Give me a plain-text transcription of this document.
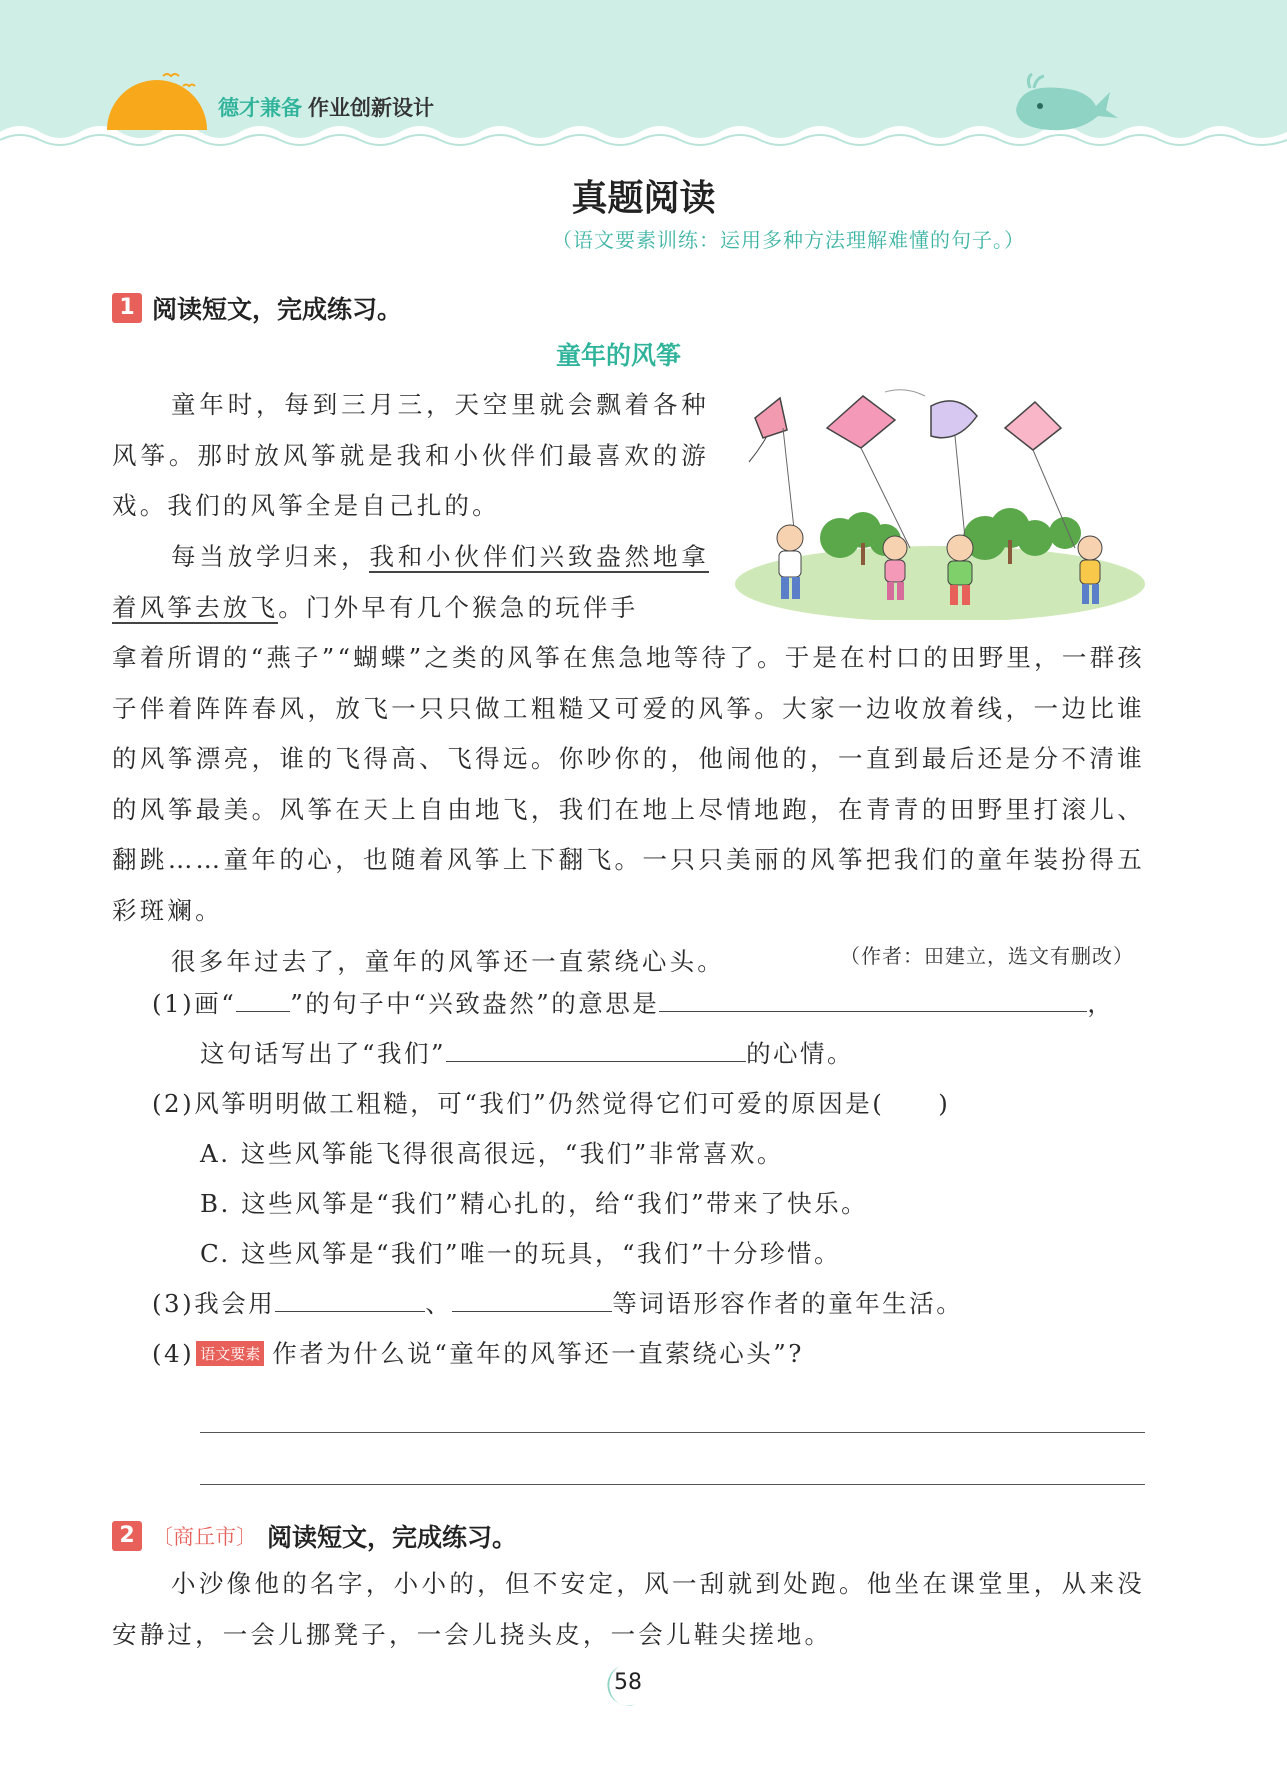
德才兼备 作业创新设计
真题阅读
（语文要素训练：运用多种方法理解难懂的句子。）
1 阅读短文，完成练习。
童年的风筝
童年时，每到三月三，天空里就会飘着各种风筝。那时放风筝就是我和小伙伴们最喜欢的游戏。我们的风筝全是自己扎的。
每当放学归来，我和小伙伴们兴致盎然地拿着风筝去放飞。门外早有几个猴急的玩伴手
拿着所谓的“燕子”“蝴蝶”之类的风筝在焦急地等待了。于是在村口的田野里，一群孩子伴着阵阵春风，放飞一只只做工粗糙又可爱的风筝。大家一边收放着线，一边比谁的风筝漂亮，谁的飞得高、飞得远。你吵你的，他闹他的，一直到最后还是分不清谁的风筝最美。风筝在天上自由地飞，我们在地上尽情地跑，在青青的田野里打滚儿、翻跳……童年的心，也随着风筝上下翻飞。一只只美丽的风筝把我们的童年装扮得五彩斑斓。
很多年过去了，童年的风筝还一直萦绕心头。	（作者：田建立，选文有删改）
(1)画“ ”的句子中“兴致盎然”的意思是	，
这句话写出了“我们”	的心情。
(2)风筝明明做工粗糙，可“我们”仍然觉得它们可爱的原因是(　　)
A. 这些风筝能飞得很高很远，“我们”非常喜欢。
B. 这些风筝是“我们”精心扎的，给“我们”带来了快乐。
C. 这些风筝是“我们”唯一的玩具，“我们”十分珍惜。
(3)我会用	、	等词语形容作者的童年生活。
(4) 语文要素 作者为什么说“童年的风筝还一直萦绕心头”?
2 〔商丘市〕 阅读短文，完成练习。
小沙像他的名字，小小的，但不安定，风一刮就到处跑。他坐在课堂里，从来没安静过，一会儿挪凳子，一会儿挠头皮，一会儿鞋尖搓地。
58
